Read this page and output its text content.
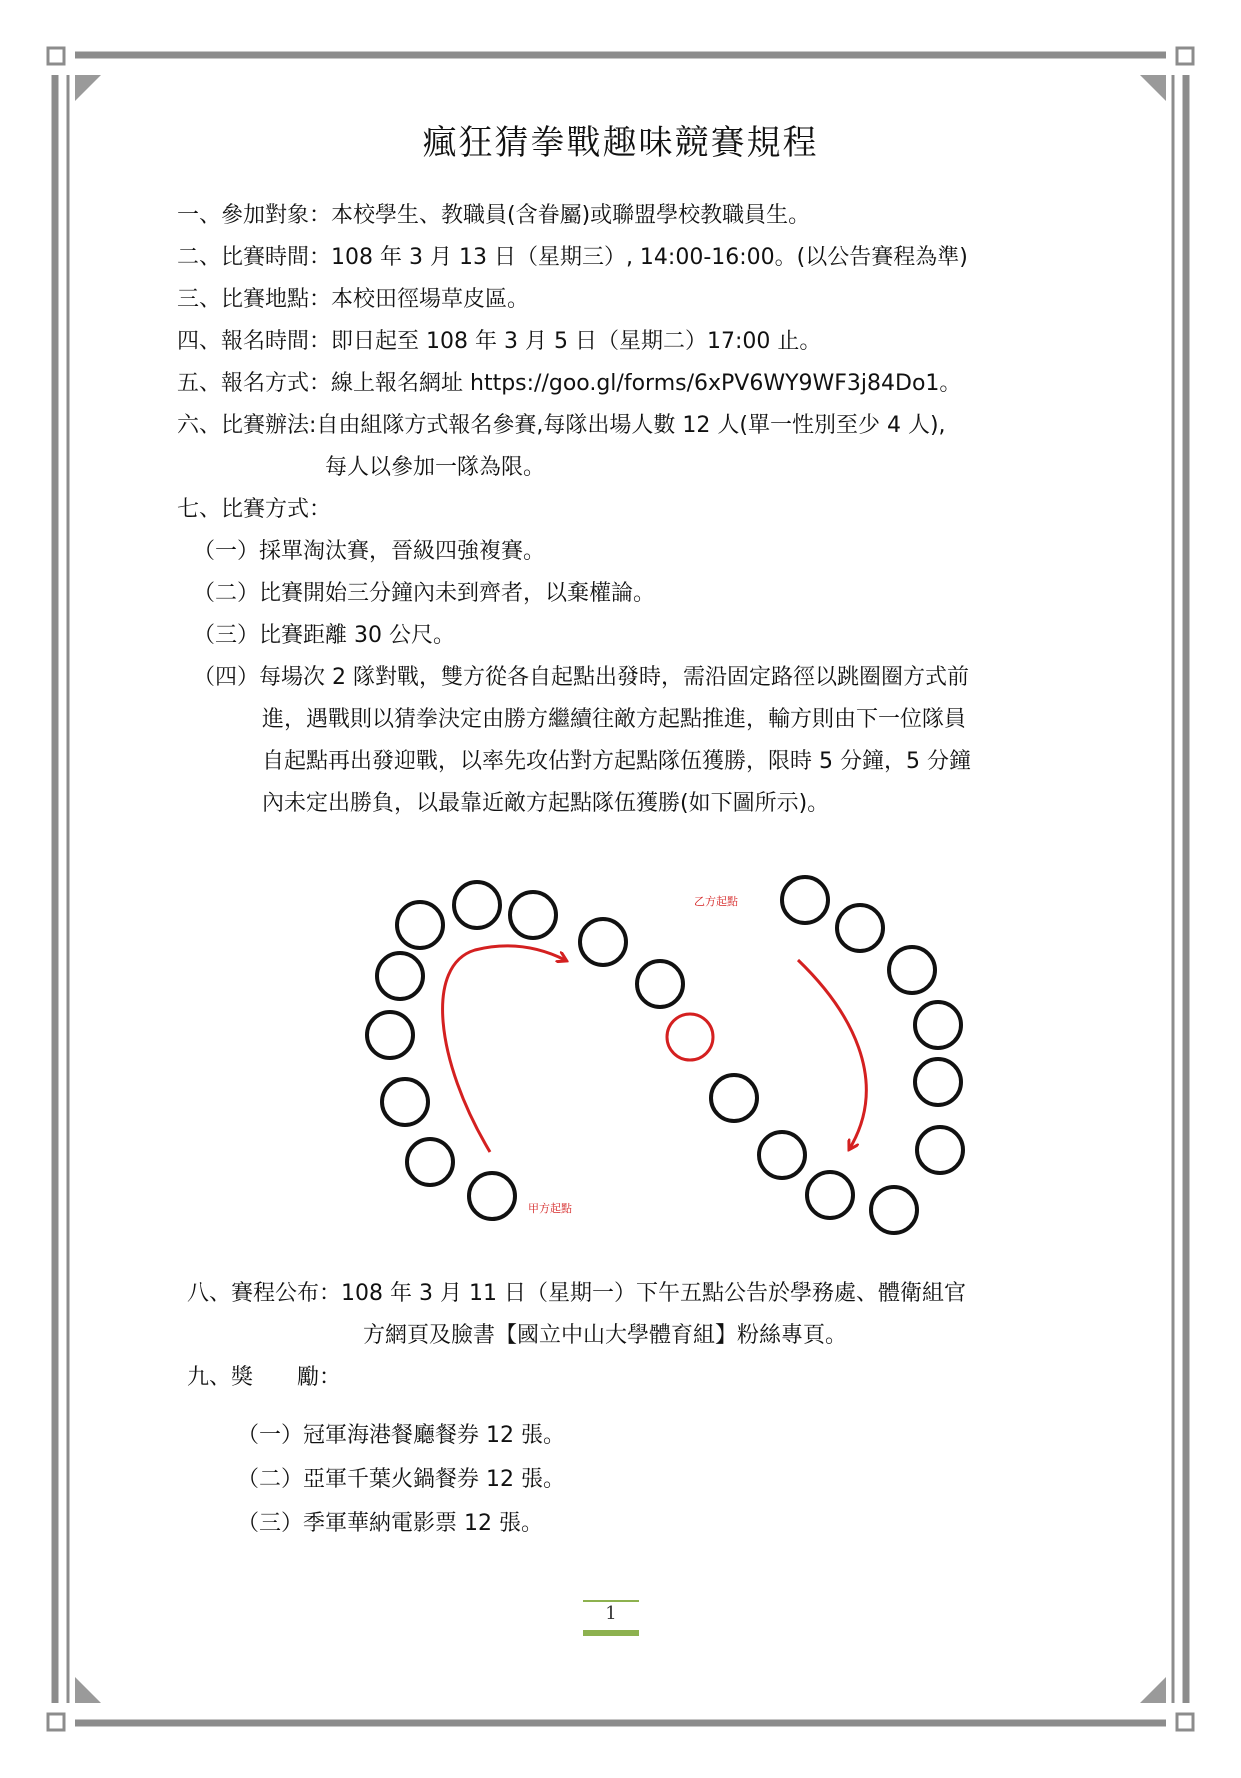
瘋狂猜拳戰趣味競賽規程
一、參加對象：本校學生、教職員(含眷屬)或聯盟學校教職員生。
二、比賽時間：108 年 3 月 13 日（星期三）, 14:00-16:00。(以公告賽程為準)
三、比賽地點：本校田徑場草皮區。
四、報名時間：即日起至 108 年 3 月 5 日（星期二）17:00 止。
五、報名方式：線上報名網址 https://goo.gl/forms/6xPV6WY9WF3j84Do1。
六、比賽辦法:自由組隊方式報名參賽,每隊出場人數 12 人(單一性別至少 4 人),
每人以參加一隊為限。
七、比賽方式：
（一）採單淘汰賽，晉級四強複賽。
（二）比賽開始三分鐘內未到齊者，以棄權論。
（三）比賽距離 30 公尺。
（四）每場次 2 隊對戰，雙方從各自起點出發時，需沿固定路徑以跳圈圈方式前
進，遇戰則以猜拳決定由勝方繼續往敵方起點推進，輸方則由下一位隊員
自起點再出發迎戰，以率先攻佔對方起點隊伍獲勝，限時 5 分鐘，5 分鐘
內未定出勝負，以最靠近敵方起點隊伍獲勝(如下圖所示)。
甲方起點
乙方起點
八、賽程公布：108 年 3 月 11 日（星期一）下午五點公告於學務處、體衛組官
方網頁及臉書【國立中山大學體育組】粉絲專頁。
九、獎　　勵：
（一）冠軍海港餐廳餐券 12 張。
（二）亞軍千葉火鍋餐券 12 張。
（三）季軍華納電影票 12 張。
1
